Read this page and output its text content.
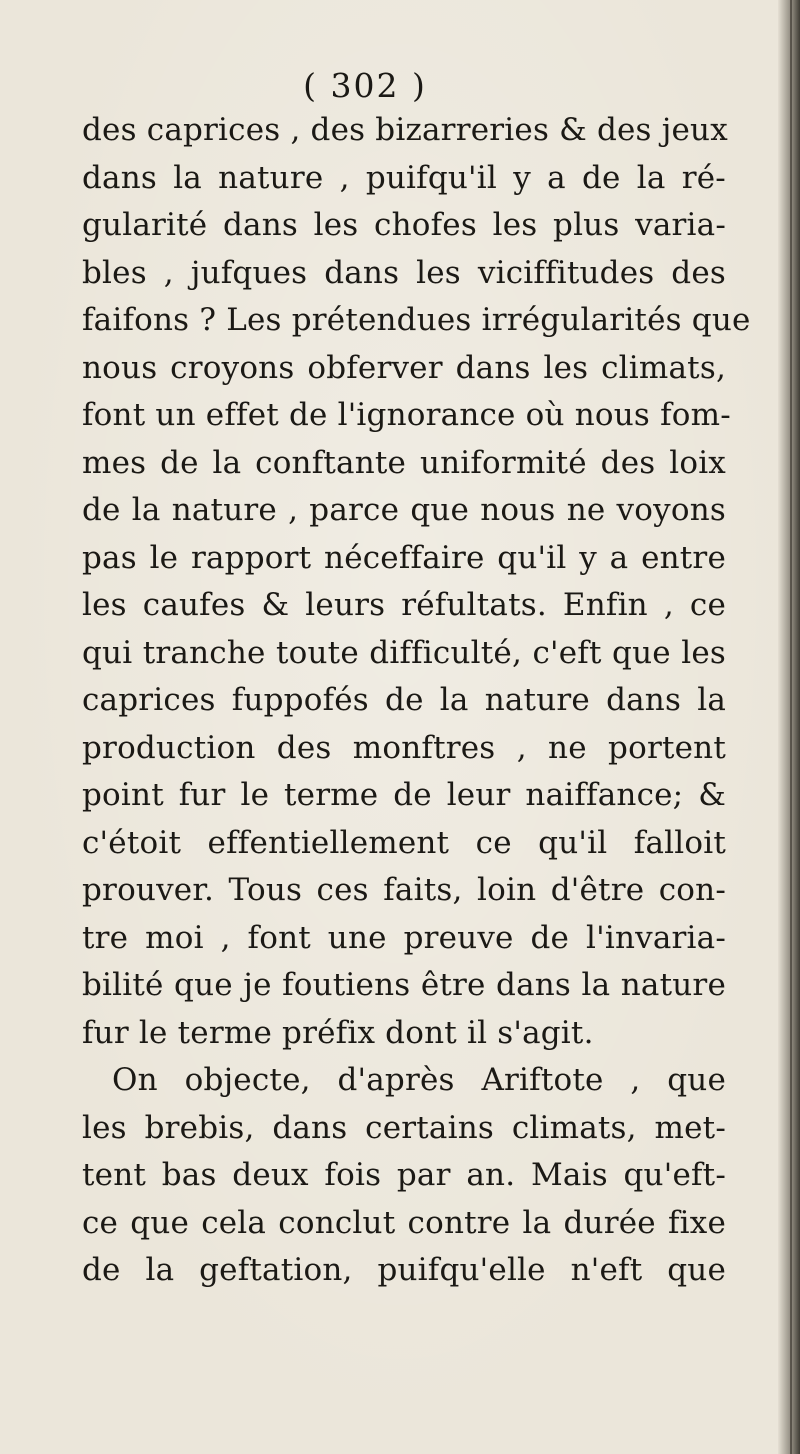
( 302 )
des caprices , des bizarreries & des jeux
dans la nature , puifqu'il y a de la ré-
gularité dans les chofes les plus varia-
bles , jufques dans les viciffitudes des
faifons ? Les prétendues irrégularités que
nous croyons obferver dans les climats,
font un effet de l'ignorance où nous fom-
mes de la conftante uniformité des loix
de la nature , parce que nous ne voyons
pas le rapport néceffaire qu'il y a entre
les caufes & leurs réfultats. Enfin , ce
qui tranche toute difficulté, c'eft que les
caprices fuppofés de la nature dans la
production des monftres , ne portent
point fur le terme de leur naiffance; &
c'étoit effentiellement ce qu'il falloit
prouver. Tous ces faits, loin d'être con-
tre moi , font une preuve de l'invaria-
bilité que je foutiens être dans la nature
fur le terme préfix dont il s'agit.
On objecte, d'après Ariftote , que
les brebis, dans certains climats, met-
tent bas deux fois par an. Mais qu'eft-
ce que cela conclut contre la durée fixe
de la geftation, puifqu'elle n'eft que
